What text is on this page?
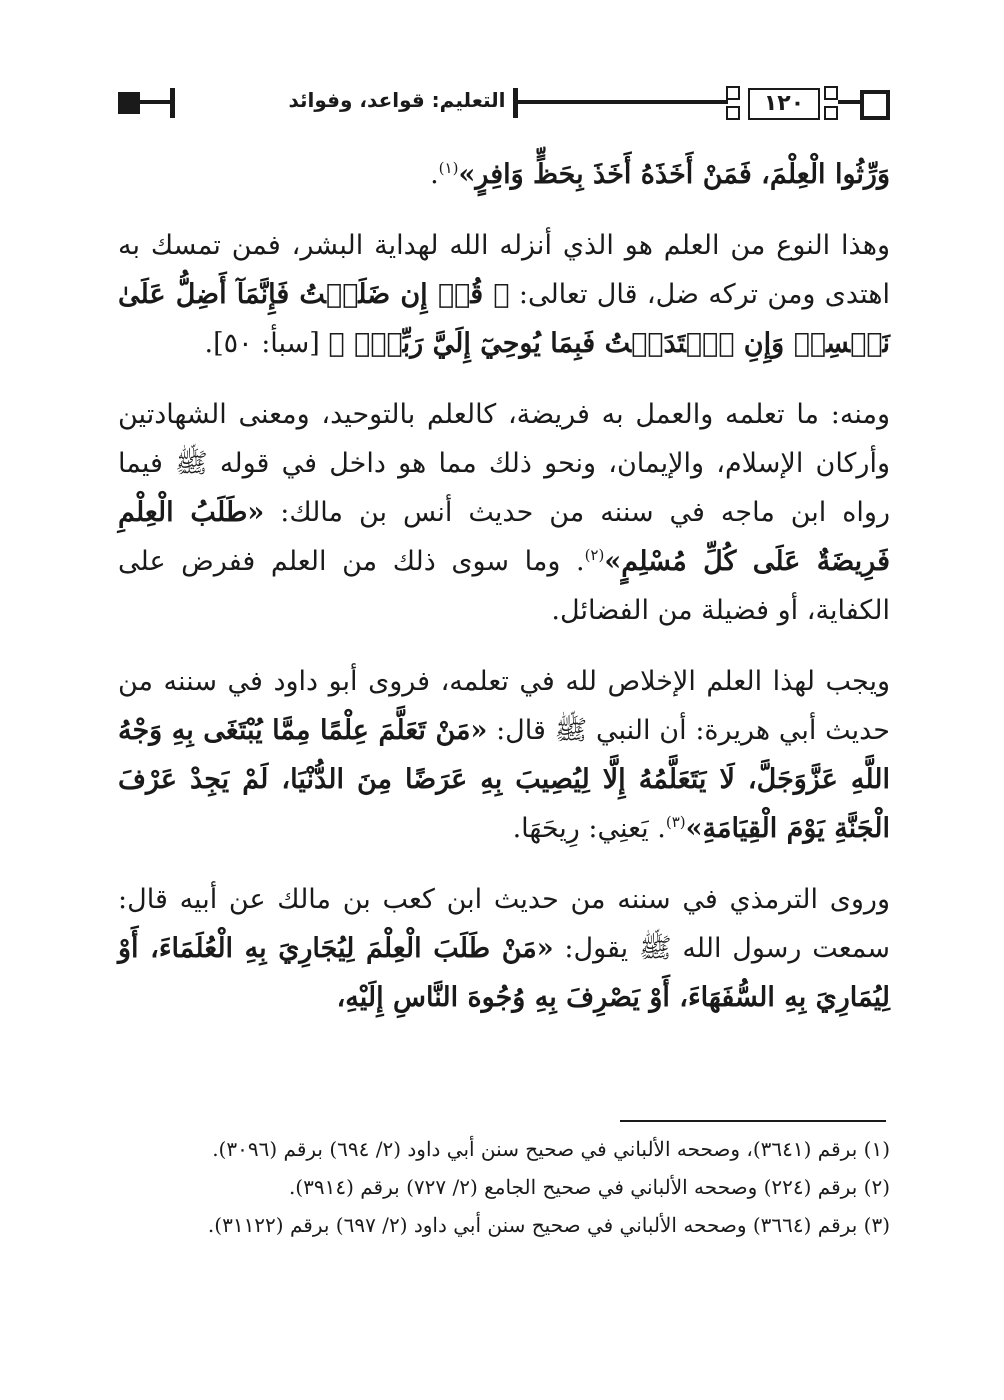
التعليم: قواعد، وفوائد	١٢٠

وَرِّثُوا الْعِلْمَ، فَمَنْ أَخَذَهُ أَخَذَ بِحَظٍّ وَافِرٍ»$^{(١)}$.

وهذا النوع من العلم هو الذي أنزله الله لهداية البشر، فمن تمسك به اهتدى ومن تركه ضل، قال تعالى: ﴿ قُلۡ إِن ضَلَلۡتُ فَإِنَّمَآ أَضِلُّ عَلَىٰ نَفۡسِيۖ وَإِنِ ٱهۡتَدَيۡتُ فَبِمَا يُوحِيٓ إِلَيَّ رَبِّيٓۚ ﴾ [سبأ: ٥٠].

ومنه: ما تعلمه والعمل به فريضة، كالعلم بالتوحيد، ومعنى الشهادتين وأركان الإسلام، والإيمان، ونحو ذلك مما هو داخل في قوله ﷺ فيما رواه ابن ماجه في سننه من حديث أنس بن مالك: «طَلَبُ الْعِلْمِ فَرِيضَةٌ عَلَى كُلِّ مُسْلِمٍ»$^{(٢)}$. وما سوى ذلك من العلم ففرض على الكفاية، أو فضيلة من الفضائل.

ويجب لهذا العلم الإخلاص لله في تعلمه، فروى أبو داود في سننه من حديث أبي هريرة: أن النبي ﷺ قال: «مَنْ تَعَلَّمَ عِلْمًا مِمَّا يُبْتَغَى بِهِ وَجْهُ اللَّهِ عَزَّوَجَلَّ، لَا يَتَعَلَّمُهُ إِلَّا لِيُصِيبَ بِهِ عَرَضًا مِنَ الدُّنْيَا، لَمْ يَجِدْ عَرْفَ الْجَنَّةِ يَوْمَ الْقِيَامَةِ»$^{(٣)}$. يَعنِي: رِيحَهَا.

وروى الترمذي في سننه من حديث ابن كعب بن مالك عن أبيه قال: سمعت رسول الله ﷺ يقول: «مَنْ طَلَبَ الْعِلْمَ لِيُجَارِيَ بِهِ الْعُلَمَاءَ، أَوْ لِيُمَارِيَ بِهِ السُّفَهَاءَ، أَوْ يَصْرِفَ بِهِ وُجُوهَ النَّاسِ إِلَيْهِ،

(١) برقم (٣٦٤١)، وصححه الألباني في صحيح سنن أبي داود (٢/ ٦٩٤) برقم (٣٠٩٦).

(٢) برقم (٢٢٤) وصححه الألباني في صحيح الجامع (٢/ ٧٢٧) برقم (٣٩١٤).

(٣) برقم (٣٦٦٤) وصححه الألباني في صحيح سنن أبي داود (٢/ ٦٩٧) برقم (٣١١٢٢).
